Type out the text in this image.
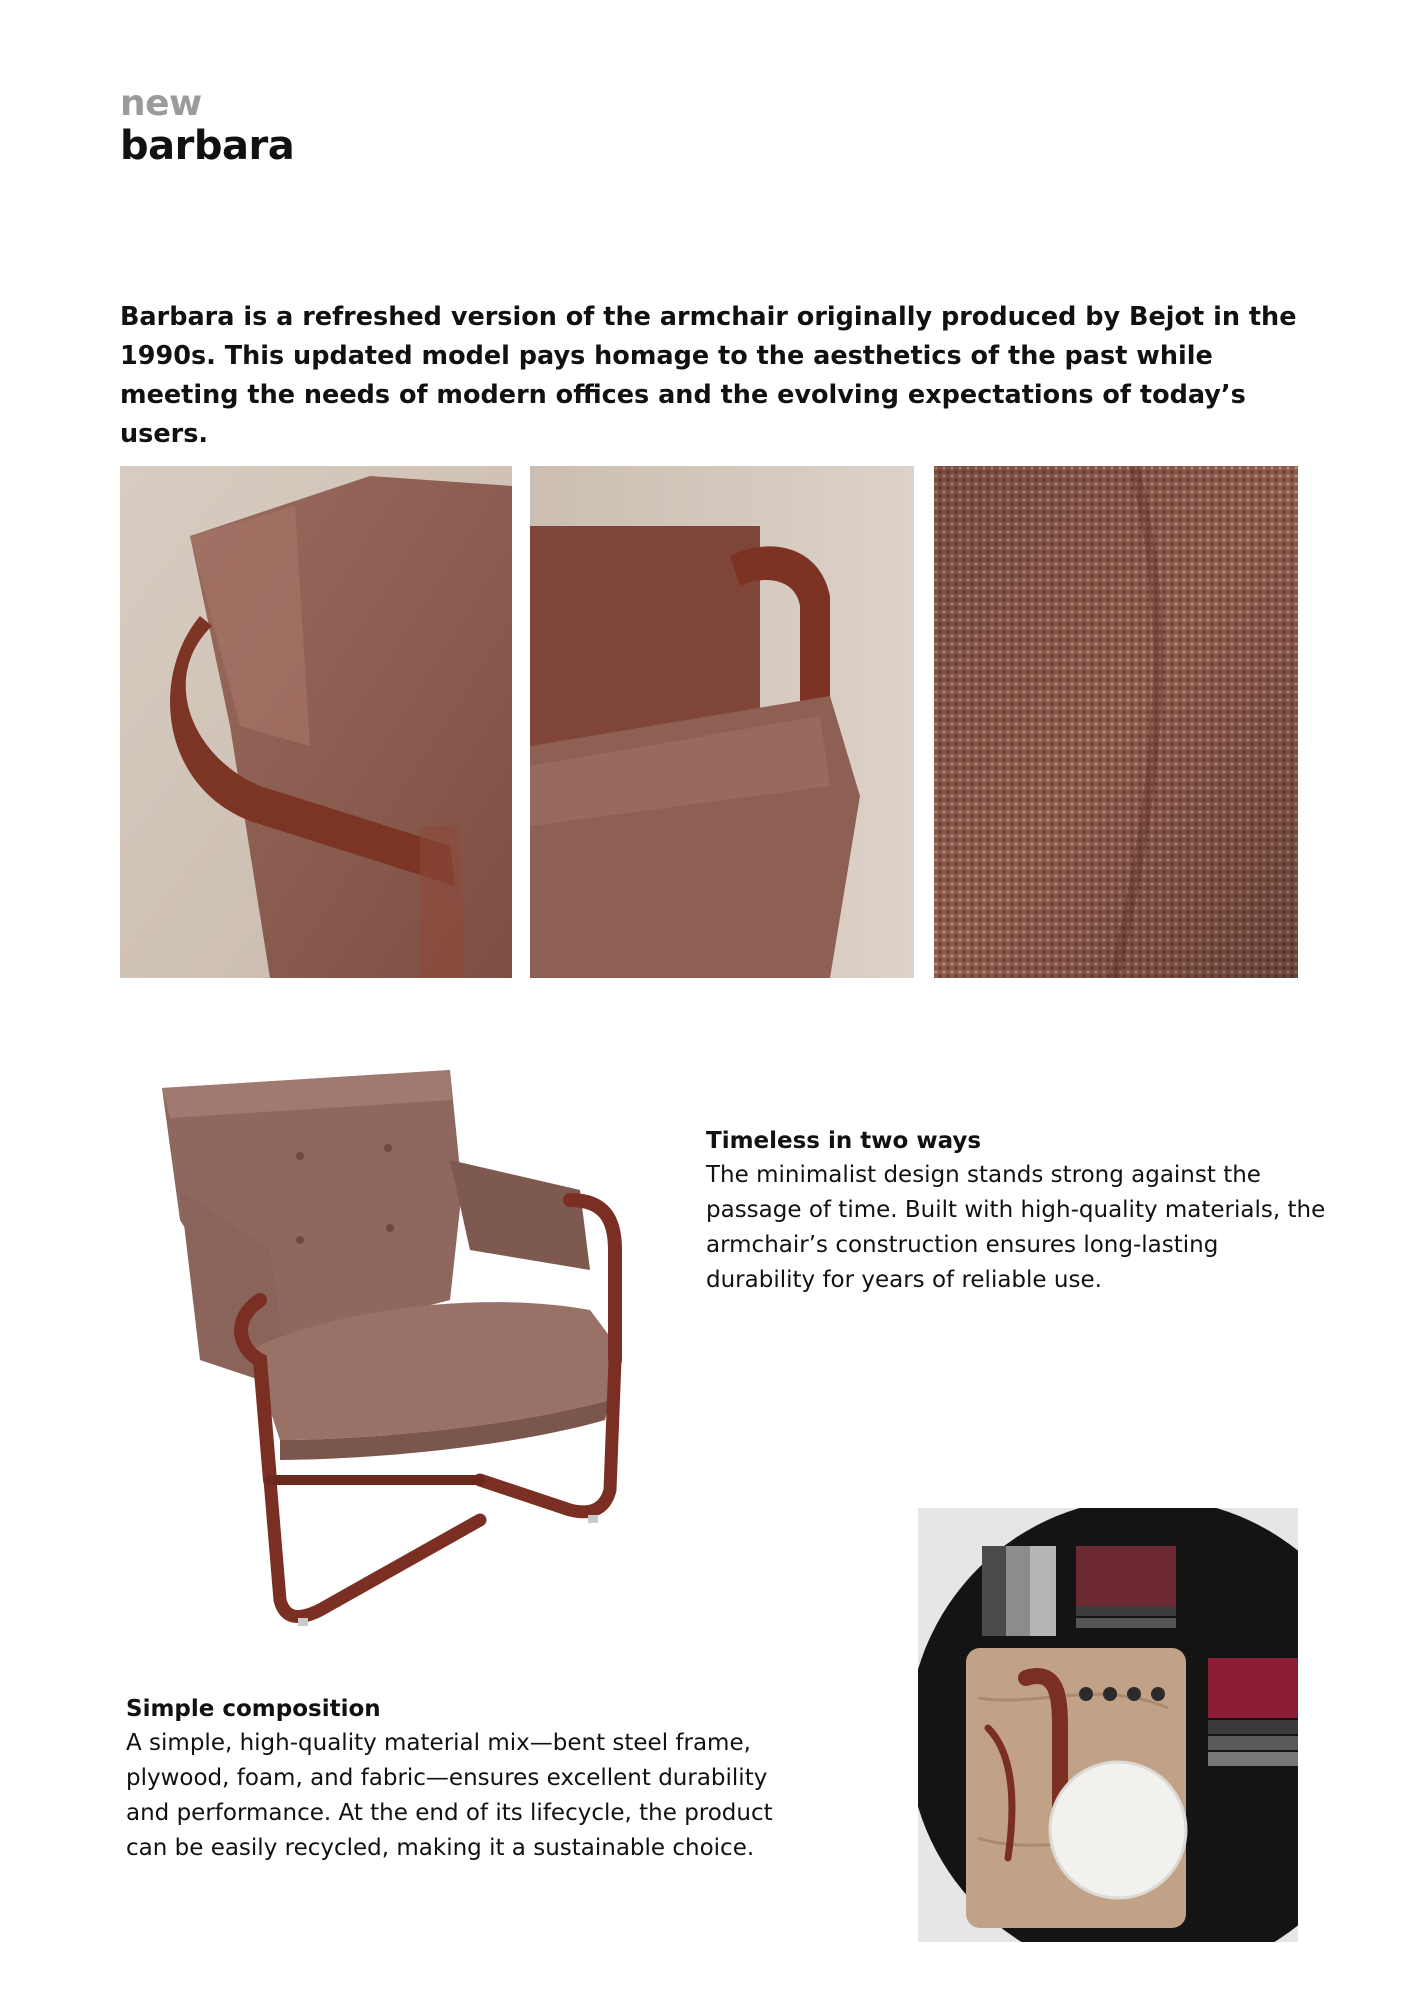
new
barbara

Barbara is a refreshed version of the armchair originally produced by Bejot in the 1990s. This updated model pays homage to the aesthetics of the past while meeting the needs of modern offices and the evolving expectations of today’s users.

Timeless in two ways

The minimalist design stands strong against the passage of time. Built with high-quality materials, the armchair’s construction ensures long-lasting durability for years of reliable use.

Simple composition

A simple, high-quality material mix—bent steel frame, plywood, foam, and fabric—ensures excellent durability and performance. At the end of its lifecycle, the product can be easily recycled, making it a sustainable choice.
